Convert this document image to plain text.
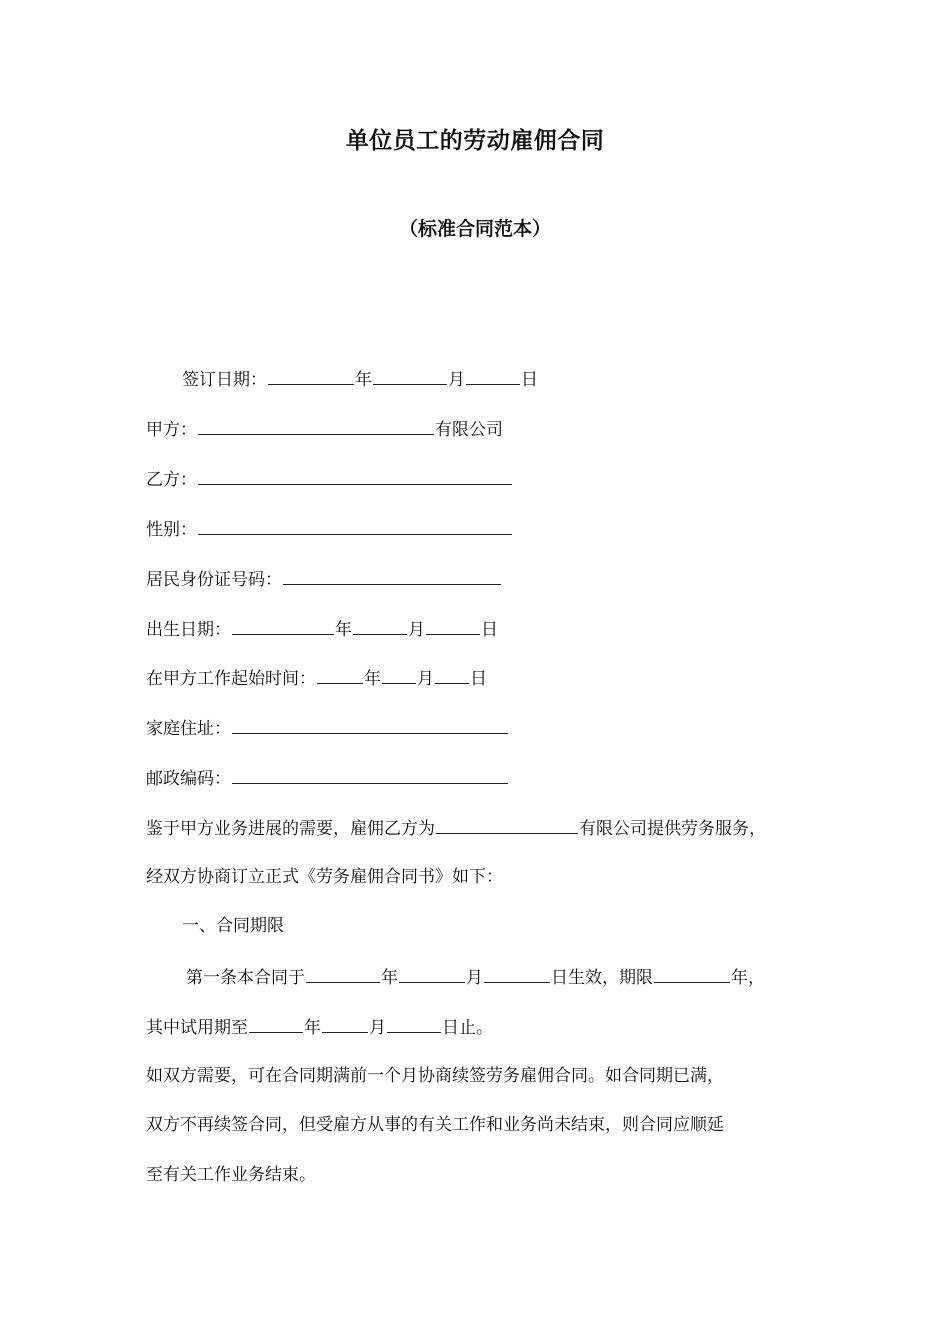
单位员工的劳动雇佣合同
（标准合同范本）
签订日期：	年	月	日
甲方：	有限公司
乙方：
性别：
居民身份证号码：
出生日期：	年	月	日
在甲方工作起始时间：	年 月 日
家庭住址：
邮政编码：
鉴于甲方业务进展的需要，雇佣乙方为	有限公司提供劳务服务，
经双方协商订立正式《劳务雇佣合同书》如下：
一、合同期限
第一条本合同于	年	月	日生效，期限	年，
其中试用期至	年	月	日止。
如双方需要，可在合同期满前一个月协商续签劳务雇佣合同。如合同期已满，
双方不再续签合同，但受雇方从事的有关工作和业务尚未结束，则合同应顺延
至有关工作业务结束。
